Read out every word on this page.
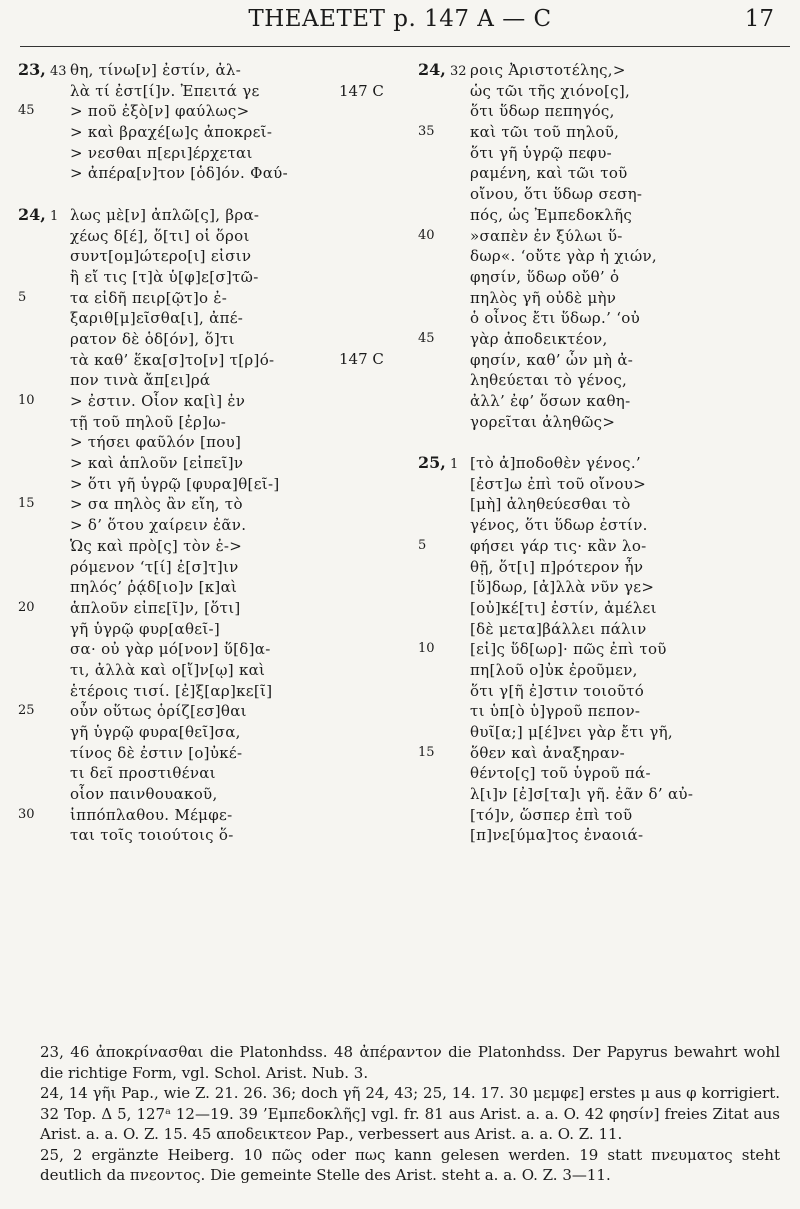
THEAETET p. 147 A — C	17
147 C
147 C
23, 43 θη, τίνω[ν] ἐστίν, ἀλ-
λὰ τί ἐστ[ί]ν. Ἐπειτά γε
45	> ποῦ ἐξὸ[ν] φαύλως>
> καὶ βραχέ[ω]ς ἀποκρεῖ-
> νεσθαι π[ερι]έρχεται
> ἀπέρα[ν]τον [ὁδ]όν. Φαύ-
24, 1 λως μὲ[ν] ἀπλῶ[ς], βρα-
χέως δ[έ], ὅ[τι] οἱ ὅροι
συντ[ομ]ώτερο[ι] εἰσιν
ἢ εἴ τις [τ]ὰ ὑ[φ]ε[σ]τῶ-
5	τα εἰδῆ πειρ[ῷτ]ο ἐ-
ξαριθ[μ]εῖσθα[ι], ἀπέ-
ρατον δὲ ὁδ[όν], ὅ]τι
τὰ καθ’ ἕκα[σ]το[ν] τ[ρ]ό-
πον τινὰ ἄπ[ει]ρά
10	> ἐστιν. Οἷον κα[ὶ] ἐν
τῇ τοῦ πηλοῦ [ἐρ]ω-
> τήσει φαῦλόν [που]
> καὶ ἁπλοῦν [εἰπεῖ]ν
> ὅτι γῆ ὑγρῷ [φυρα]θ[εῖ-]
15	> σα πηλὸς ἂν εἴη, τὸ
> δ’ ὅτου χαίρειν ἐᾶν.
Ὡς καὶ πρὸ[ς] τὸν ἐ->
ρόμενον ‘τ[ί] ἐ[σ]τ]ιν
πηλός’ ῥᾴδ[ιο]ν [κ]αὶ
20	ἁπλοῦν εἰπε[ῖ]ν, [ὅτι]
γῆ ὑγρῷ φυρ[αθεῖ-]
σα· οὐ γὰρ μό[νον] ὕ[δ]α-
τι, ἀλλὰ καὶ ο[ἴ]ν[ῳ] καὶ
ἑτέροις τισί. [ἐ]ξ[αρ]κε[ῖ]
25	οὖν οὕτως ὁρίζ[εσ]θαι
γῆ ὑγρῷ φυρα[θεῖ]σα,
τίνος δὲ ἐστιν [ο]ὐκέ-
τι δεῖ προστιθέναι
οἷον παινθουακοῦ,
30	ἱππόπλαθου. Μέμφε-
ται τοῖς τοιούτοις ὅ-
24, 32 ροις Ἀριστοτέλης,>
ὡς τῶι τῆς χιόνο[ς],
ὅτι ὕδωρ πεπηγός,
35	καὶ τῶι τοῦ πηλοῦ,
ὅτι γῆ ὑγρῷ πεφυ-
ραμένη, καὶ τῶι τοῦ
οἴνου, ὅτι ὕδωρ σεση-
πός, ὡς Ἐμπεδοκλῆς
40	»σαπὲν ἐν ξύλωι ὕ-
δωρ«. ‘οὔτε γὰρ ἡ χιών,
φησίν, ὕδωρ οὔθ’ ὁ
πηλὸς γῆ οὐδὲ μὴν
ὁ οἶνος ἔτι ὕδωρ.’ ‘οὐ
45	γὰρ ἀποδεικτέον,
φησίν, καθ’ ὧν μὴ ἀ-
ληθεύεται τὸ γένος,
ἀλλ’ ἐφ’ ὅσων καθη-
γορεῖται ἀληθῶς>
25, 1 [τὸ ἀ]ποδοθὲν γένος.’
[ἐστ]ω ἐπὶ τοῦ οἴνου>
[μὴ] ἀληθεύεσθαι τὸ
γένος, ὅτι ὕδωρ ἐστίν.
5	φήσει γάρ τις· κἂν λο-
θῇ, ὅτ[ι] π]ρότερον ἦν
[ὕ]δωρ, [ἀ]λλὰ νῦν γε>
[οὐ]κέ[τι] ἐστίν, ἀμέλει
[δὲ μετα]βάλλει πάλιν
10	[εἰ]ς ὕδ[ωρ]· πῶς ἐπὶ τοῦ
πη[λοῦ ο]ὐκ ἐροῦμεν,
ὅτι γ[ῆ ἐ]στιν τοιοῦτό
τι ὑπ[ὸ ὑ]γροῦ πεπον-
θυῖ[α;] μ[έ]νει γὰρ ἔτι γῆ,
15	ὅθεν καὶ ἀναξηραν-
θέντο[ς] τοῦ ὑγροῦ πά-
λ[ι]ν [ἐ]σ[τα]ι γῆ. ἐᾶν δ’ αὐ-
[τό]ν, ὥσπερ ἐπὶ τοῦ
[π]νε[ύμα]τος ἐναοιά-

23, 46 ἀποκρίνασθαι die Platonhdss. 48 ἀπέραντον die Platonhdss. Der Papyrus bewahrt wohl die richtige Form, vgl. Schol. Arist. Nub. 3.

24, 14 γῆι Pap., wie Z. 21. 26. 36; doch γῆ 24, 43; 25, 14. 17. 30 μεμφε] erstes μ aus φ korrigiert. 32 Top. Δ 5, 127ᵃ 12—19. 39 ’Εμπεδοκλῆς] vgl. fr. 81 aus Arist. a. a. O. 42 φησίν] freies Zitat aus Arist. a. a. O. Z. 15. 45 αποδεικτεον Pap., verbessert aus Arist. a. a. O. Z. 11.

25, 2 ergänzte Heiberg. 10 πῶς oder πως kann gelesen werden. 19 statt πνευματος steht deutlich da πνεοντος. Die gemeinte Stelle des Arist. steht a. a. O. Z. 3—11.
